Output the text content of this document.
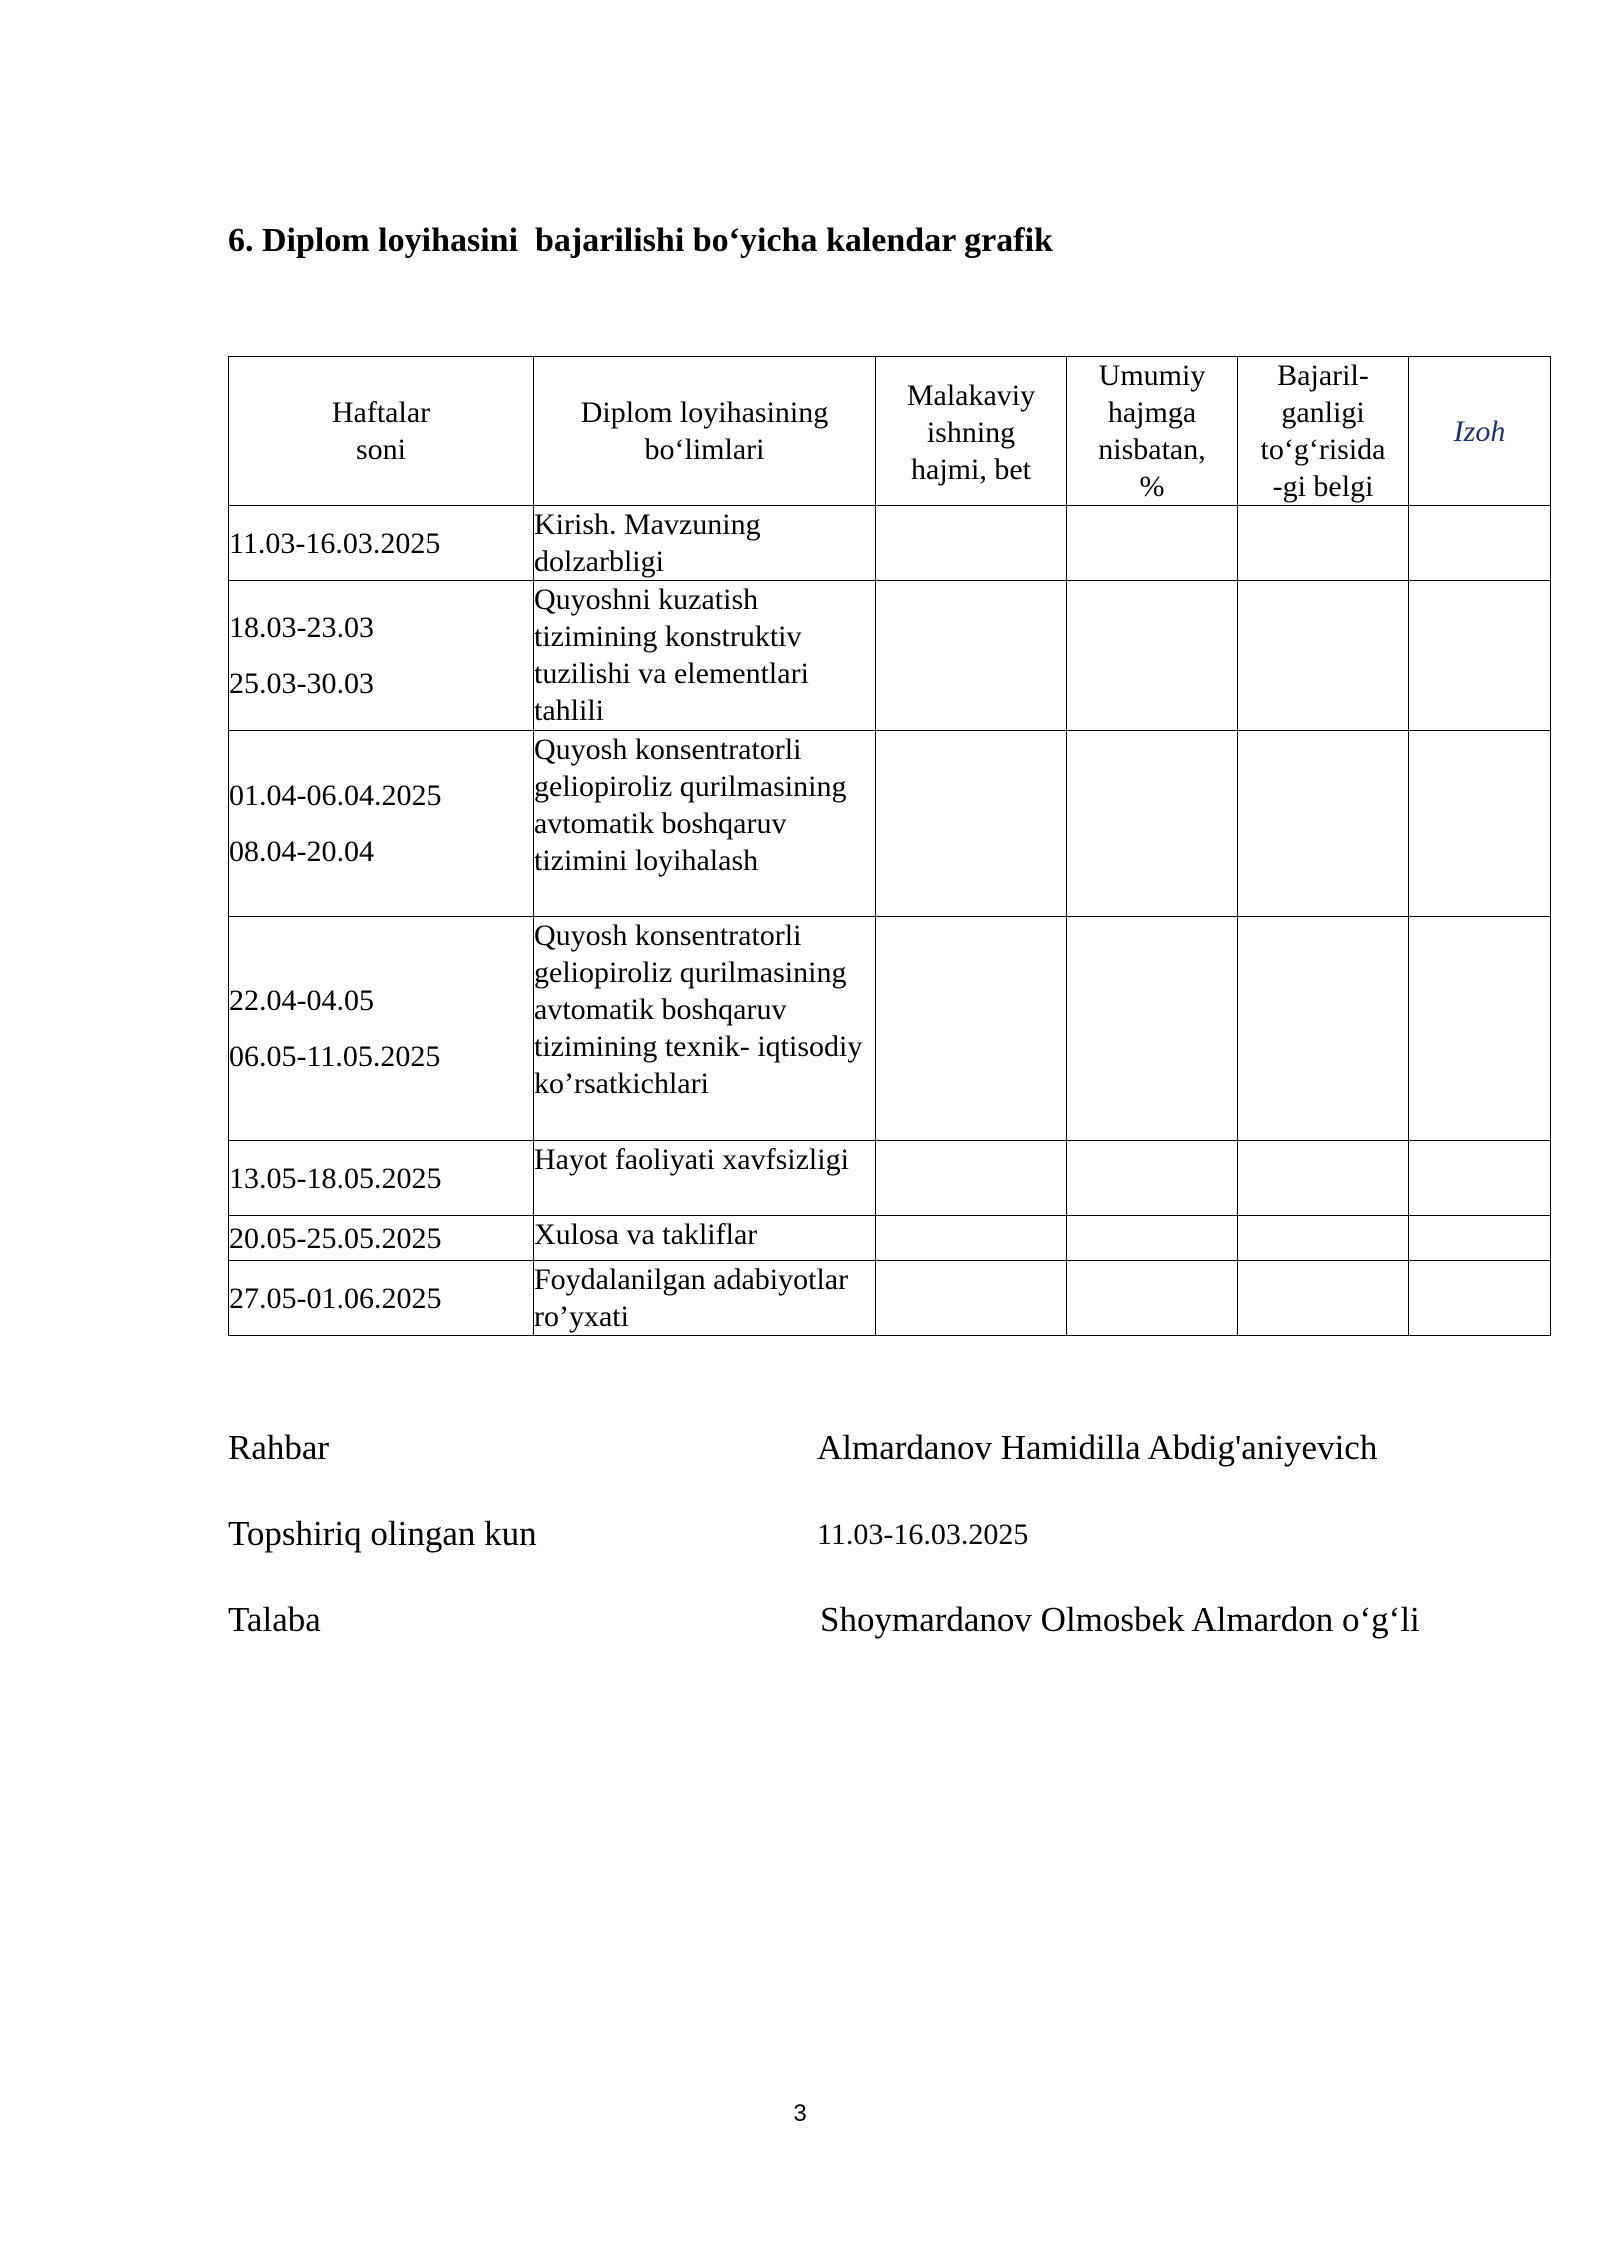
6. Diplom loyihasini  bajarilishi bo‘yicha kalendar grafik
Haftalar
soni	Diplom loyihasining
bo‘limlari	Malakaviy
ishning
hajmi, bet	Umumiy
hajmga
nisbatan,
%	Bajaril-
ganligi
to‘g‘risida
-gi belgi	Izoh

11.03-16.03.2025	Kirish. Mavzuning dolzarbligi				

18.03-23.03
25.03-30.03	Quyoshni kuzatish tizimining konstruktiv tuzilishi va elementlari tahlili				

01.04-06.04.2025
08.04-20.04	Quyosh konsentratorli geliopiroliz qurilmasining avtomatik boshqaruv tizimini loyihalash				

22.04-04.05
06.05-11.05.2025	Quyosh konsentratorli geliopiroliz qurilmasining avtomatik boshqaruv tizimining texnik- iqtisodiy ko’rsatkichlari				

13.05-18.05.2025	Hayot faoliyati xavfsizligi				

20.05-25.05.2025	Xulosa va takliflar				

27.05-01.06.2025	Foydalanilgan adabiyotlar ro’yxati				
Rahbar	Almardanov Hamidilla Abdig'aniyevich
Topshiriq olingan kun	11.03-16.03.2025
Talaba	Shoymardanov Olmosbek Almardon o‘g‘li
3
